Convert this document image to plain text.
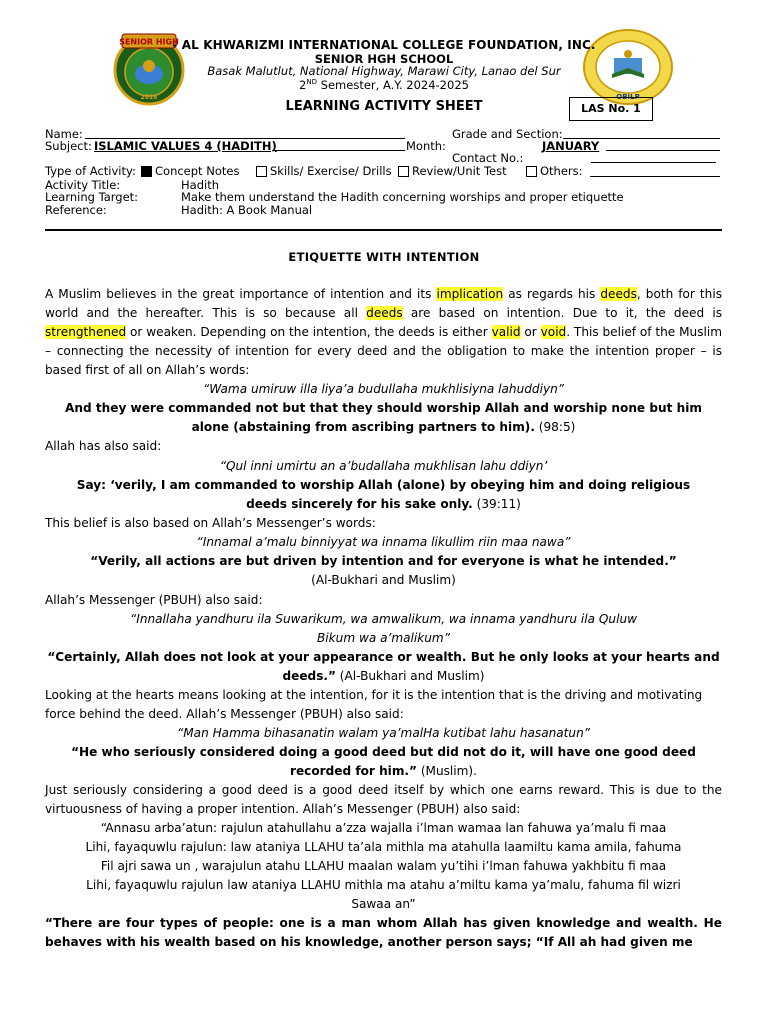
SENIOR HIGH
2016	OBILP
- AL KHWARIZMI INTERNATIONAL COLLEGE FOUNDATION, INC.
SENIOR HGH SCHOOL
Basak Malutlut, National Highway, Marawi City, Lanao del Sur
2ND Semester, A.Y. 2024-2025
LEARNING ACTIVITY SHEET	LAS No. 1
Name:	Grade and Section:
Subject: ISLAMIC VALUES 4 (HADITH)	Month:	JANUARY
Contact No.:
Type of Activity:	Concept Notes	Skills/ Exercise/ Drills	Review/Unit Test	Others:
Activity Title:	Hadith
Learning Target:	Make them understand the Hadith concerning worships and proper etiquette
Reference:	Hadith: A Book Manual
ETIQUETTE WITH INTENTION
A Muslim believes in the great importance of intention and its implication as regards his deeds, both for this world and the hereafter. This is so because all deeds are based on intention. Due to it, the deed is strengthened or weaken. Depending on the intention, the deeds is either valid or void. This belief of the Muslim – connecting the necessity of intention for every deed and the obligation to make the intention proper – is based first of all on Allah’s words:
“Wama umiruw illa liya’a budullaha mukhlisiyna lahuddiyn”
And they were commanded not but that they should worship Allah and worship none but him alone (abstaining from ascribing partners to him). (98:5)
Allah has also said:
“Qul inni umirtu an a’budallaha mukhlisan lahu ddiyn’
Say: ‘verily, I am commanded to worship Allah (alone) by obeying him and doing religious deeds sincerely for his sake only. (39:11)
This belief is also based on Allah’s Messenger’s words:
“Innamal a’malu binniyyat wa innama likullim riin maa nawa”
“Verily, all actions are but driven by intention and for everyone is what he intended.”
(Al-Bukhari and Muslim)
Allah’s Messenger (PBUH) also said:
“Innallaha yandhuru ila Suwarikum, wa amwalikum, wa innama yandhuru ila Quluw
Bikum wa a’malikum”
“Certainly, Allah does not look at your appearance or wealth. But he only looks at your hearts and deeds.” (Al-Bukhari and Muslim)
Looking at the hearts means looking at the intention, for it is the intention that is the driving and motivating force behind the deed. Allah’s Messenger (PBUH) also said:
“Man Hamma bihasanatin walam ya’malHa kutibat lahu hasanatun”
“He who seriously considered doing a good deed but did not do it, will have one good deed recorded for him.” (Muslim).
Just seriously considering a good deed is a good deed itself by which one earns reward. This is due to the virtuousness of having a proper intention. Allah’s Messenger (PBUH) also said:
“Annasu arba’atun: rajulun atahullahu a’zza wajalla i’lman wamaa lan fahuwa ya’malu fi maa
Lihi, fayaquwlu rajulun: law ataniya LLAHU ta’ala mithla ma atahulla laamiltu kama amila, fahuma
Fil ajri sawa un , warajulun atahu LLAHU maalan walam yu’tihi i’lman fahuwa yakhbitu fi maa
Lihi, fayaquwlu rajulun law ataniya LLAHU mithla ma atahu a’miltu kama ya’malu, fahuma fil wizri
Sawaa an”
“There are four types of people: one is a man whom Allah has given knowledge and wealth. He behaves with his wealth based on his knowledge, another person says; “If All ah had given me
